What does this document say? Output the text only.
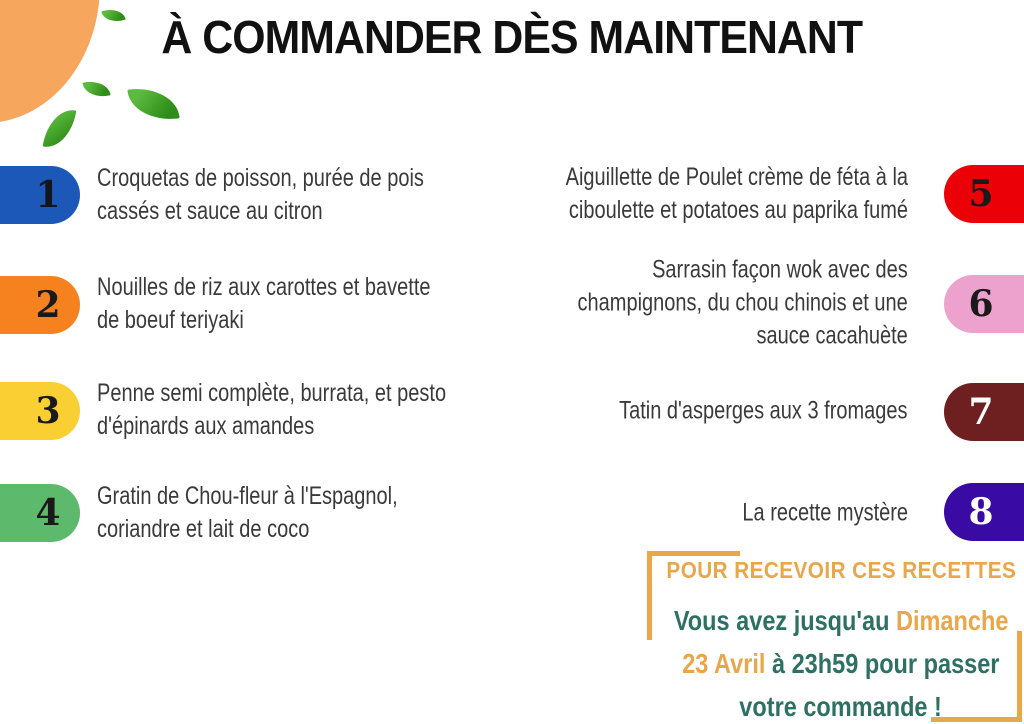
À COMMANDER DÈS MAINTENANT
1
2
3
4
5
6
7
8
Croquetas de poisson, purée de pois
cassés et sauce au citron
Nouilles de riz aux carottes et bavette
de boeuf teriyaki
Penne semi complète, burrata, et pesto
d'épinards aux amandes
Gratin de Chou-fleur à l'Espagnol,
coriandre et lait de coco
Aiguillette de Poulet crème de féta à la
ciboulette et potatoes au paprika fumé
Sarrasin façon wok avec des
champignons, du chou chinois et une
sauce cacahuète
Tatin d'asperges aux 3 fromages
La recette mystère
POUR RECEVOIR CES RECETTES
Vous avez jusqu'au Dimanche
23 Avril à 23h59 pour passer
votre commande !
